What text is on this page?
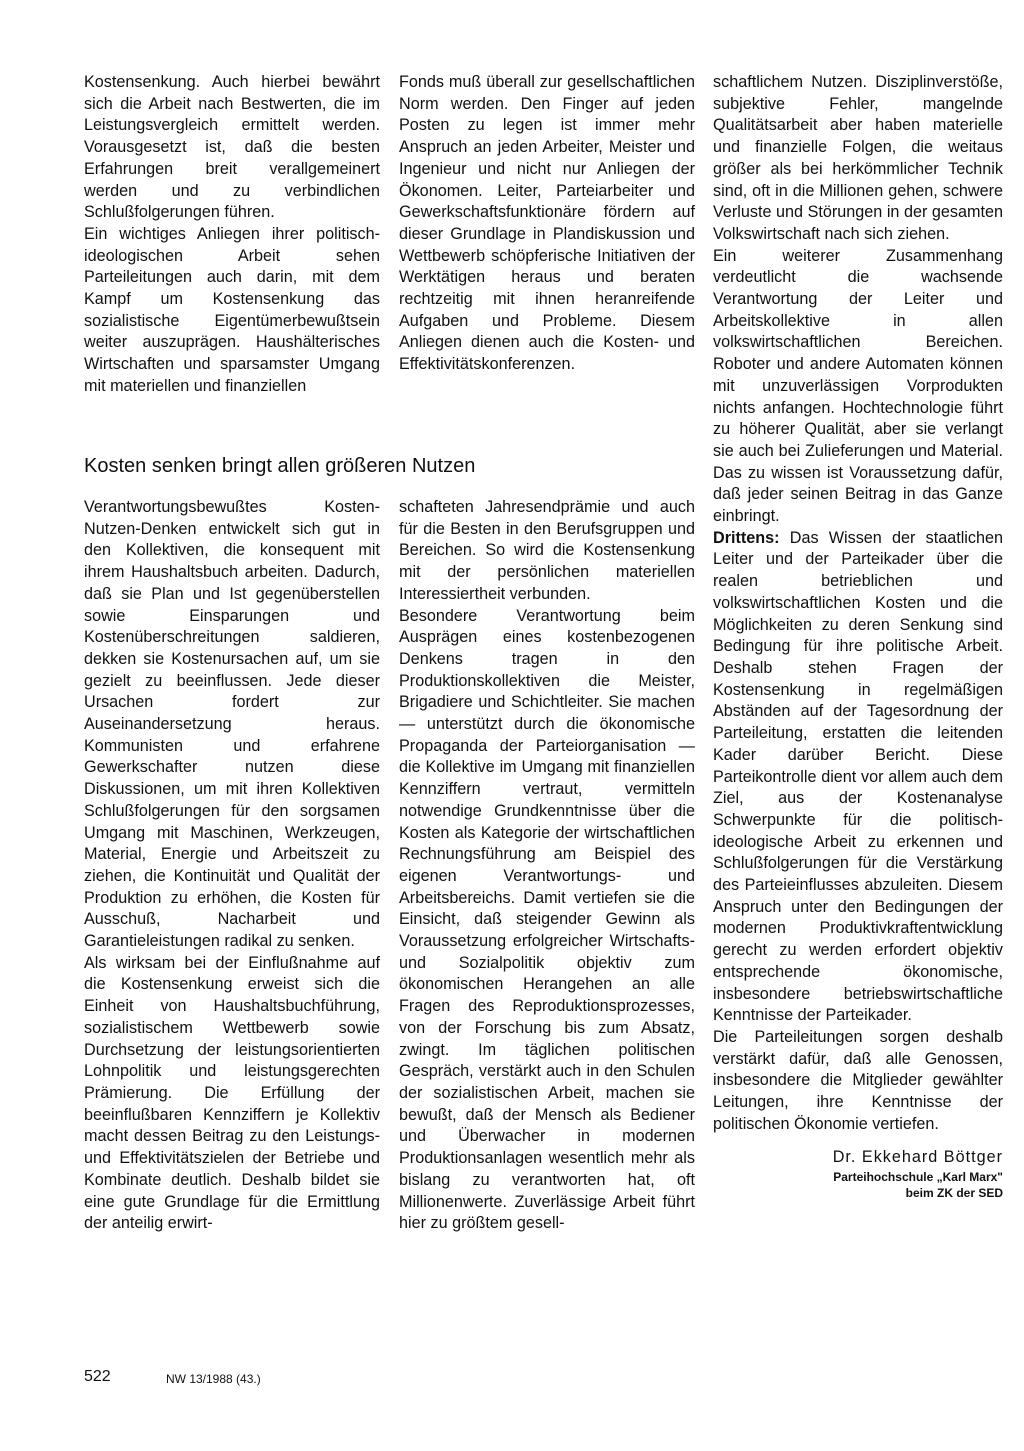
Kostensenkung. Auch hierbei bewährt sich die Arbeit nach Bestwerten, die im Leistungsvergleich ermittelt werden. Vorausgesetzt ist, daß die besten Erfahrungen breit verallgemeinert werden und zu verbindlichen Schlußfolgerungen führen.

Ein wichtiges Anliegen ihrer politisch-ideologischen Arbeit sehen Parteileitungen auch darin, mit dem Kampf um Kostensenkung das sozialistische Eigentümerbewußtsein weiter auszuprägen. Haushälterisches Wirtschaften und sparsamster Umgang mit materiellen und finanziellen

Fonds muß überall zur gesellschaftlichen Norm werden. Den Finger auf jeden Posten zu legen ist immer mehr Anspruch an jeden Arbeiter, Meister und Ingenieur und nicht nur Anliegen der Ökonomen. Leiter, Parteiarbeiter und Gewerkschaftsfunktionäre fördern auf dieser Grundlage in Plandiskussion und Wettbewerb schöpferische Initiativen der Werktätigen heraus und beraten rechtzeitig mit ihnen heranreifende Aufgaben und Probleme. Diesem Anliegen dienen auch die Kosten- und Effektivitätskonferenzen.

Kosten senken bringt allen größeren Nutzen

Verantwortungsbewußtes Kosten-Nutzen-Denken entwickelt sich gut in den Kollektiven, die konsequent mit ihrem Haushaltsbuch arbeiten. Dadurch, daß sie Plan und Ist gegenüberstellen sowie Einsparungen und Kostenüberschreitungen saldieren, dekken sie Kostenursachen auf, um sie gezielt zu beeinflussen. Jede dieser Ursachen fordert zur Auseinandersetzung heraus. Kommunisten und erfahrene Gewerkschafter nutzen diese Diskussionen, um mit ihren Kollektiven Schlußfolgerungen für den sorgsamen Umgang mit Maschinen, Werkzeugen, Material, Energie und Arbeitszeit zu ziehen, die Kontinuität und Qualität der Produktion zu erhöhen, die Kosten für Ausschuß, Nacharbeit und Garantieleistungen radikal zu senken.

Als wirksam bei der Einflußnahme auf die Kostensenkung erweist sich die Einheit von Haushaltsbuchführung, sozialistischem Wettbewerb sowie Durchsetzung der leistungsorientierten Lohnpolitik und leistungsgerechten Prämierung. Die Erfüllung der beeinflußbaren Kennziffern je Kollektiv macht dessen Beitrag zu den Leistungs- und Effektivitätszielen der Betriebe und Kombinate deutlich. Deshalb bildet sie eine gute Grundlage für die Ermittlung der anteilig erwirt-

schafteten Jahresendprämie und auch für die Besten in den Berufsgruppen und Bereichen. So wird die Kostensenkung mit der persönlichen materiellen Interessiertheit verbunden.

Besondere Verantwortung beim Ausprägen eines kostenbezogenen Denkens tragen in den Produktionskollektiven die Meister, Brigadiere und Schichtleiter. Sie machen — unterstützt durch die ökonomische Propaganda der Parteiorganisation — die Kollektive im Umgang mit finanziellen Kennziffern vertraut, vermitteln notwendige Grundkenntnisse über die Kosten als Kategorie der wirtschaftlichen Rechnungsführung am Beispiel des eigenen Verantwortungs- und Arbeitsbereichs. Damit vertiefen sie die Einsicht, daß steigender Gewinn als Voraussetzung erfolgreicher Wirtschafts- und Sozialpolitik objektiv zum ökonomischen Herangehen an alle Fragen des Reproduktionsprozesses, von der Forschung bis zum Absatz, zwingt. Im täglichen politischen Gespräch, verstärkt auch in den Schulen der sozialistischen Arbeit, machen sie bewußt, daß der Mensch als Bediener und Überwacher in modernen Produktionsanlagen wesentlich mehr als bislang zu verantworten hat, oft Millionenwerte. Zuverlässige Arbeit führt hier zu größtem gesell-

schaftlichem Nutzen. Disziplinverstöße, subjektive Fehler, mangelnde Qualitätsarbeit aber haben materielle und finanzielle Folgen, die weitaus größer als bei herkömmlicher Technik sind, oft in die Millionen gehen, schwere Verluste und Störungen in der gesamten Volkswirtschaft nach sich ziehen.

Ein weiterer Zusammenhang verdeutlicht die wachsende Verantwortung der Leiter und Arbeitskollektive in allen volkswirtschaftlichen Bereichen. Roboter und andere Automaten können mit unzuverlässigen Vorprodukten nichts anfangen. Hochtechnologie führt zu höherer Qualität, aber sie verlangt sie auch bei Zulieferungen und Material. Das zu wissen ist Voraussetzung dafür, daß jeder seinen Beitrag in das Ganze einbringt.

Drittens: Das Wissen der staatlichen Leiter und der Parteikader über die realen betrieblichen und volkswirtschaftlichen Kosten und die Möglichkeiten zu deren Senkung sind Bedingung für ihre politische Arbeit. Deshalb stehen Fragen der Kostensenkung in regelmäßigen Abständen auf der Tagesordnung der Parteileitung, erstatten die leitenden Kader darüber Bericht. Diese Parteikontrolle dient vor allem auch dem Ziel, aus der Kostenanalyse Schwerpunkte für die politisch-ideologische Arbeit zu erkennen und Schlußfolgerungen für die Verstärkung des Parteieinflusses abzuleiten. Diesem Anspruch unter den Bedingungen der modernen Produktivkraftentwicklung gerecht zu werden erfordert objektiv entsprechende ökonomische, insbesondere betriebswirtschaftliche Kenntnisse der Parteikader.

Die Parteileitungen sorgen deshalb verstärkt dafür, daß alle Genossen, insbesondere die Mitglieder gewählter Leitungen, ihre Kenntnisse der politischen Ökonomie vertiefen.

Dr. Ekkehard Böttger
Parteihochschule „Karl Marx"
beim ZK der SED
522	NW 13/1988 (43.)
